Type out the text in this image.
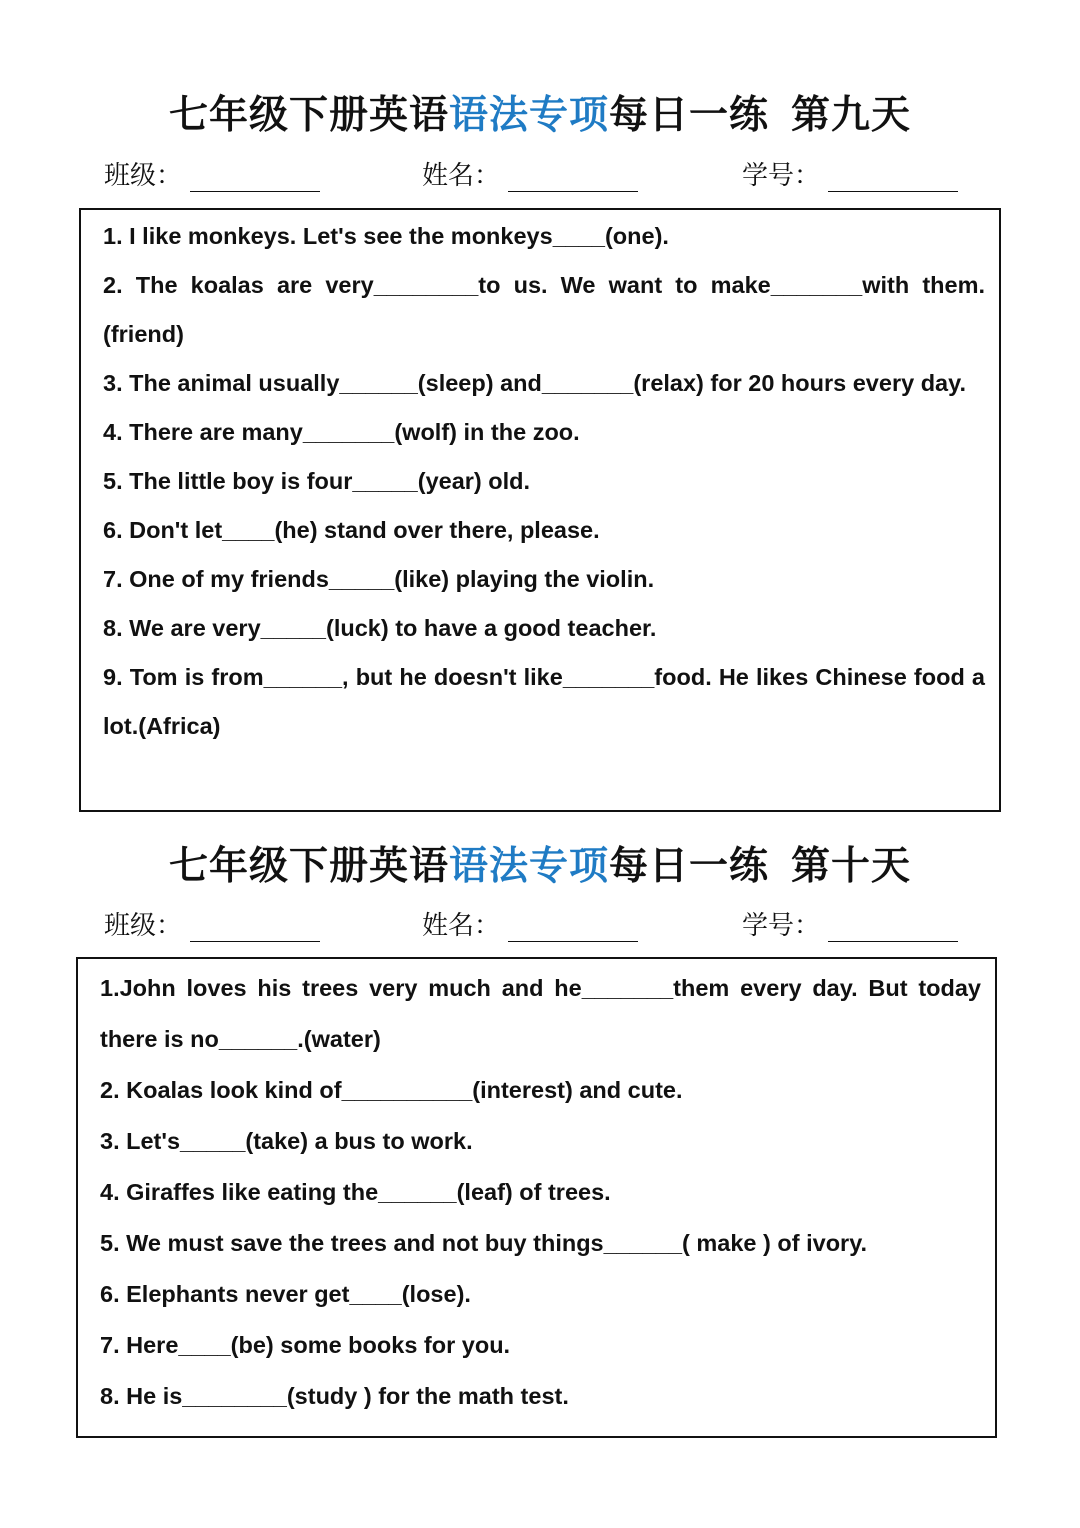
七年级下册英语语法专项每日一练 第九天
班级：	姓名：	学号：
1. I like monkeys. Let's see the monkeys____(one).
2. The koalas are very________to us. We want to make_______with them.(friend)
3. The animal usually______(sleep) and_______(relax) for 20 hours every day.
4. There are many_______(wolf) in the zoo.
5. The little boy is four_____(year) old.
6. Don't let____(he) stand over there, please.
7. One of my friends_____(like) playing the violin.
8. We are very_____(luck) to have a good teacher.
9. Tom is from______, but he doesn't like_______food. He likes Chinese food a lot.(Africa)
七年级下册英语语法专项每日一练 第十天
班级：	姓名：	学号：
1.John loves his trees very much and he_______them every day. But today there is no______.(water)
2. Koalas look kind of__________(interest) and cute.
3. Let's_____(take) a bus to work.
4. Giraffes like eating the______(leaf) of trees.
5. We must save the trees and not buy things______( make ) of ivory.
6. Elephants never get____(lose).
7. Here____(be) some books for you.
8. He is________(study ) for the math test.
